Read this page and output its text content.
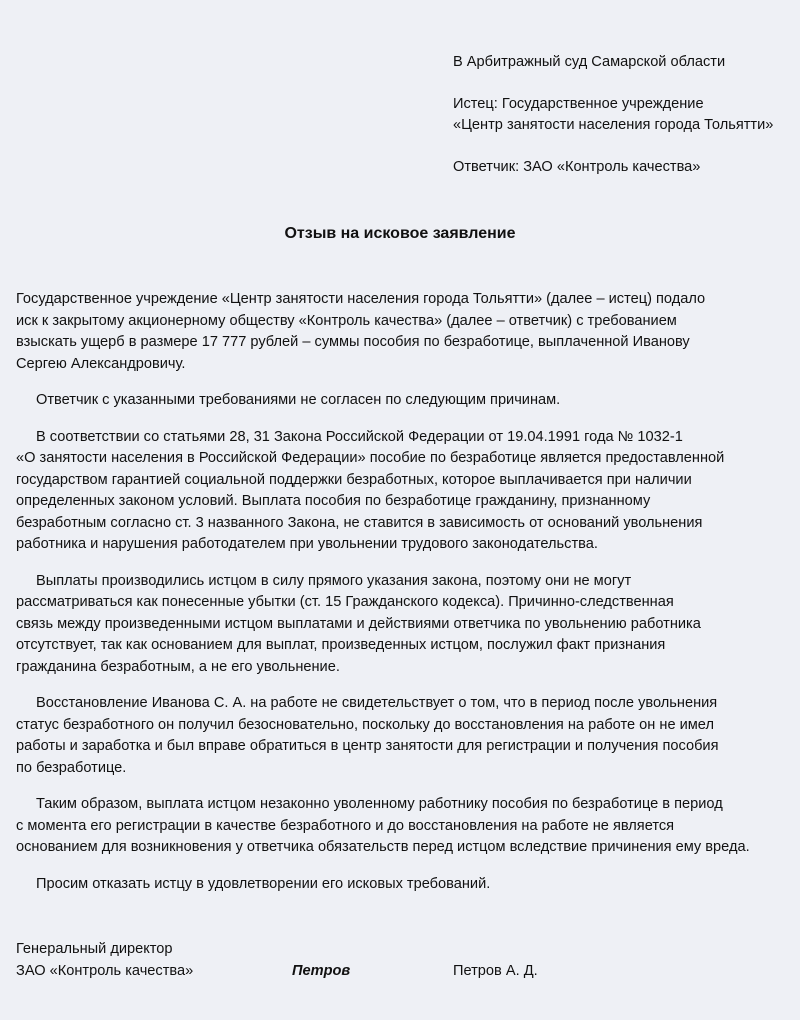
В Арбитражный суд Самарской области
Истец: Государственное учреждение
«Центр занятости населения города Тольятти»
Ответчик: ЗАО «Контроль качества»
Отзыв на исковое заявление
Государственное учреждение «Центр занятости населения города Тольятти» (далее – истец) подало
иск к закрытому акционерному обществу «Контроль качества» (далее – ответчик) с требованием
взыскать ущерб в размере 17 777 рублей – суммы пособия по безработице, выплаченной Иванову
Сергею Александровичу.
Ответчик с указанными требованиями не согласен по следующим причинам.
В соответствии со статьями 28, 31 Закона Российской Федерации от 19.04.1991 года № 1032-1
«О занятости населения в Российской Федерации» пособие по безработице является предоставленной
государством гарантией социальной поддержки безработных, которое выплачивается при наличии
определенных законом условий. Выплата пособия по безработице гражданину, признанному
безработным согласно ст. 3 названного Закона, не ставится в зависимость от оснований увольнения
работника и нарушения работодателем при увольнении трудового законодательства.
Выплаты производились истцом в силу прямого указания закона, поэтому они не могут
рассматриваться как понесенные убытки (ст. 15 Гражданского кодекса). Причинно-следственная
связь между произведенными истцом выплатами и действиями ответчика по увольнению работника
отсутствует, так как основанием для выплат, произведенных истцом, послужил факт признания
гражданина безработным, а не его увольнение.
Восстановление Иванова С. А. на работе не свидетельствует о том, что в период после увольнения
статус безработного он получил безосновательно, поскольку до восстановления на работе он не имел
работы и заработка и был вправе обратиться в центр занятости для регистрации и получения пособия
по безработице.
Таким образом, выплата истцом незаконно уволенному работнику пособия по безработице в период
с момента его регистрации в качестве безработного и до восстановления на работе не является
основанием для возникновения у ответчика обязательств перед истцом вследствие причинения ему вреда.
Просим отказать истцу в удовлетворении его исковых требований.
Генеральный директор
ЗАО «Контроль качества»	Петров	Петров А. Д.
